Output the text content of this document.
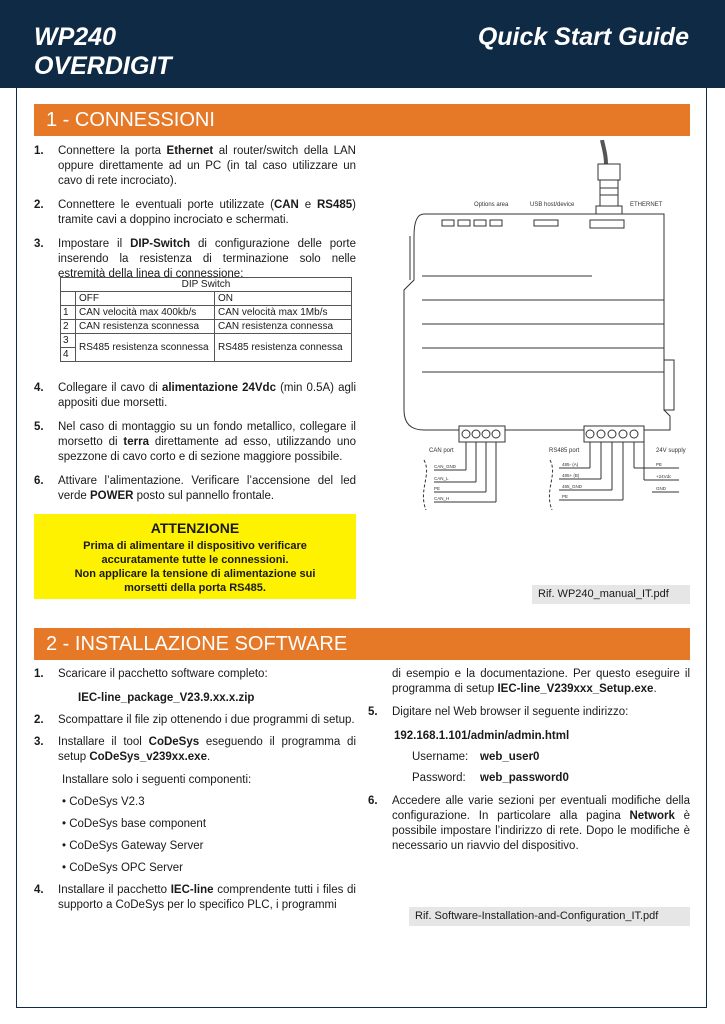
WP240
OVERDIGIT
Quick Start Guide
1 - CONNESSIONI
1. Connettere la porta Ethernet al router/switch della LAN oppure direttamente ad un PC (in tal caso utilizzare un cavo di rete incrociato).
2. Connettere le eventuali porte utilizzate (CAN e RS485) tramite cavi a doppino incrociato e schermati.
3. Impostare il DIP-Switch di configurazione delle porte inserendo la resistenza di terminazione solo nelle estremità della linea di connessione:
DIP Switch		
	OFF	ON
1	CAN velocità max 400kb/s	CAN velocità max 1Mb/s
2	CAN resistenza sconnessa	CAN resistenza connessa
3	RS485 resistenza sconnessa	RS485 resistenza connessa
4		
4. Collegare il cavo di alimentazione 24Vdc (min 0.5A) agli appositi due morsetti.
5. Nel caso di montaggio su un fondo metallico, collegare il morsetto di terra direttamente ad esso, utilizzando uno spezzone di cavo corto e di sezione maggiore possibile.
6. Attivare l’alimentazione. Verificare l’accensione del led verde POWER posto sul pannello frontale.
ATTENZIONE
Prima di alimentare il dispositivo verificare
accuratamente tutte le connessioni.
Non applicare la tensione di alimentazione sui
morsetti della porta RS485.	Rif. WP240_manual_IT.pdf
Options area	USB host/device	ETHERNET
CAN port	RS485 port	24V supply
CAN_GND
CAN_L
PE
CAN_H
485- (A)
485+ (B)
485_GND
PE
PE
+24Vdc
GND
2 - INSTALLAZIONE SOFTWARE
1. Scaricare il pacchetto software completo:
IEC-line_package_V23.9.xx.x.zip
2. Scompattare il file zip ottenendo i due programmi di setup.
3. Installare il tool CoDeSys eseguendo il programma di setup CoDeSys_v239xx.exe.
Installare solo i seguenti componenti:
• CoDeSys V2.3
• CoDeSys base component
• CoDeSys Gateway Server
• CoDeSys OPC Server
4. Installare il pacchetto IEC-line comprendente tutti i files di supporto a CoDeSys per lo specifico PLC, i programmi
di esempio e la documentazione. Per questo eseguire il programma di setup IEC-line_V239xxx_Setup.exe.
5. Digitare nel Web browser il seguente indirizzo:
192.168.1.101/admin/admin.html
Username:	web_user0
Password:	web_password0
6. Accedere alle varie sezioni per eventuali modifiche della configurazione. In particolare alla pagina Network è possibile impostare l’indirizzo di rete. Dopo le modifiche è necessario un riavvio del dispositivo.
Rif. Software-Installation-and-Configuration_IT.pdf
